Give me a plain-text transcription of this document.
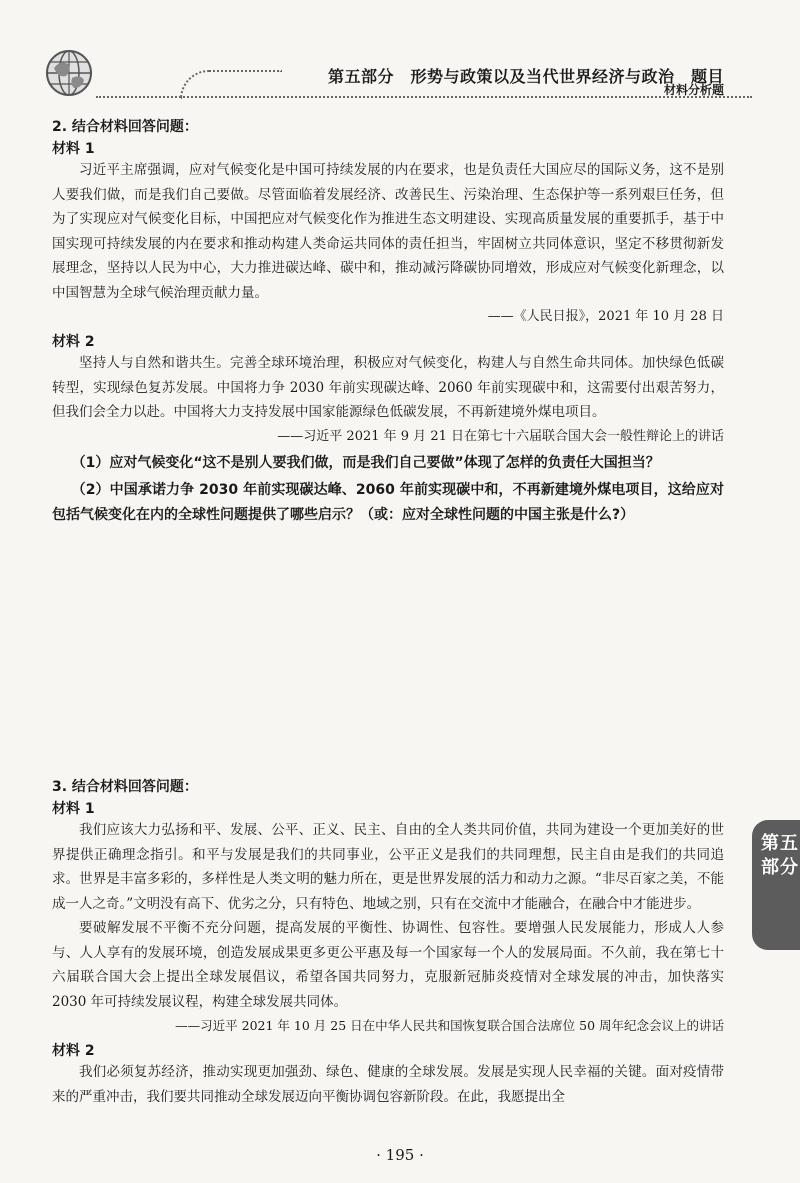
第五部分　形势与政策以及当代世界经济与政治　题目
材料分析题

2. 结合材料回答问题：

材料 1

习近平主席强调，应对气候变化是中国可持续发展的内在要求，也是负责任大国应尽的国际义务，这不是别人要我们做，而是我们自己要做。尽管面临着发展经济、改善民生、污染治理、生态保护等一系列艰巨任务，但为了实现应对气候变化目标，中国把应对气候变化作为推进生态文明建设、实现高质量发展的重要抓手，基于中国实现可持续发展的内在要求和推动构建人类命运共同体的责任担当，牢固树立共同体意识，坚定不移贯彻新发展理念，坚持以人民为中心，大力推进碳达峰、碳中和，推动减污降碳协同增效，形成应对气候变化新理念，以中国智慧为全球气候治理贡献力量。

——《人民日报》，2021 年 10 月 28 日

材料 2

坚持人与自然和谐共生。完善全球环境治理，积极应对气候变化，构建人与自然生命共同体。加快绿色低碳转型，实现绿色复苏发展。中国将力争 2030 年前实现碳达峰、2060 年前实现碳中和，这需要付出艰苦努力，但我们会全力以赴。中国将大力支持发展中国家能源绿色低碳发展，不再新建境外煤电项目。

——习近平 2021 年 9 月 21 日在第七十六届联合国大会一般性辩论上的讲话

（1）应对气候变化“这不是别人要我们做，而是我们自己要做”体现了怎样的负责任大国担当？

（2）中国承诺力争 2030 年前实现碳达峰、2060 年前实现碳中和，不再新建境外煤电项目，这给应对包括气候变化在内的全球性问题提供了哪些启示？（或：应对全球性问题的中国主张是什么?）

3. 结合材料回答问题：

材料 1

我们应该大力弘扬和平、发展、公平、正义、民主、自由的全人类共同价值，共同为建设一个更加美好的世界提供正确理念指引。和平与发展是我们的共同事业，公平正义是我们的共同理想，民主自由是我们的共同追求。世界是丰富多彩的，多样性是人类文明的魅力所在，更是世界发展的活力和动力之源。“非尽百家之美，不能成一人之奇。”文明没有高下、优劣之分，只有特色、地域之别，只有在交流中才能融合，在融合中才能进步。

要破解发展不平衡不充分问题，提高发展的平衡性、协调性、包容性。要增强人民发展能力，形成人人参与、人人享有的发展环境，创造发展成果更多更公平惠及每一个国家每一个人的发展局面。不久前，我在第七十六届联合国大会上提出全球发展倡议，希望各国共同努力，克服新冠肺炎疫情对全球发展的冲击，加快落实 2030 年可持续发展议程，构建全球发展共同体。

——习近平 2021 年 10 月 25 日在中华人民共和国恢复联合国合法席位 50 周年纪念会议上的讲话

材料 2

我们必须复苏经济，推动实现更加强劲、绿色、健康的全球发展。发展是实现人民幸福的关键。面对疫情带来的严重冲击，我们要共同推动全球发展迈向平衡协调包容新阶段。在此，我愿提出全

第五部分
· 195 ·
